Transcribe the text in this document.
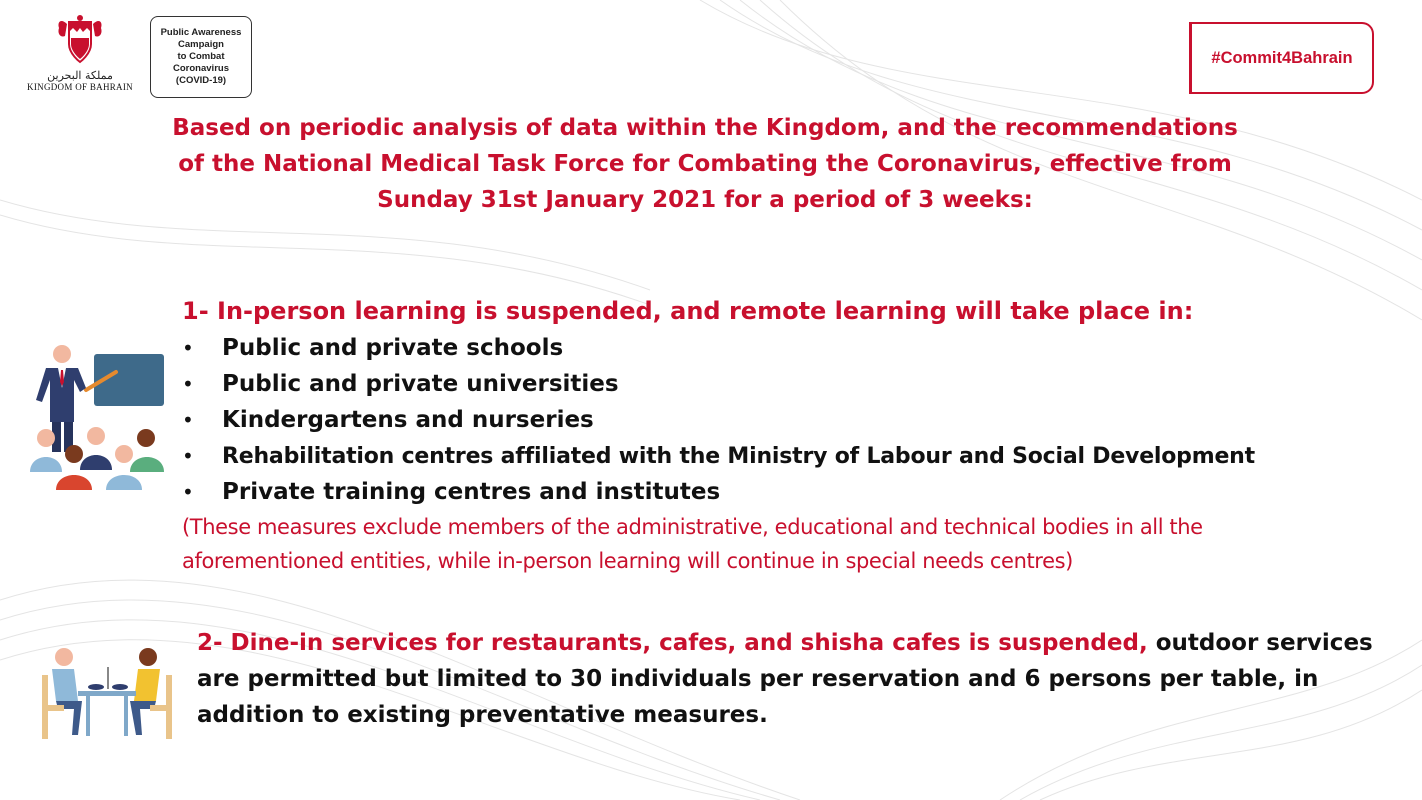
مملكة البحرين
KINGDOM OF BAHRAIN
Public Awareness
Campaign
to Combat
Coronavirus
(COVID-19)
#Commit4Bahrain
Based on periodic analysis of data within the Kingdom, and the recommendations
of the National Medical Task Force for Combating the Coronavirus, effective from
Sunday 31st January 2021 for a period of 3 weeks:
1- In-person learning is suspended, and remote learning will take place in:
• Public and private schools
• Public and private universities
• Kindergartens and nurseries
• Rehabilitation centres affiliated with the Ministry of Labour and Social Development
• Private training centres and institutes
(These measures exclude members of the administrative, educational and technical bodies in all the
aforementioned entities, while in-person learning will continue in special needs centres)
2- Dine-in services for restaurants, cafes, and shisha cafes is suspended, outdoor services are permitted but limited to 30 individuals per reservation and 6 persons per table, in addition to existing preventative measures.
